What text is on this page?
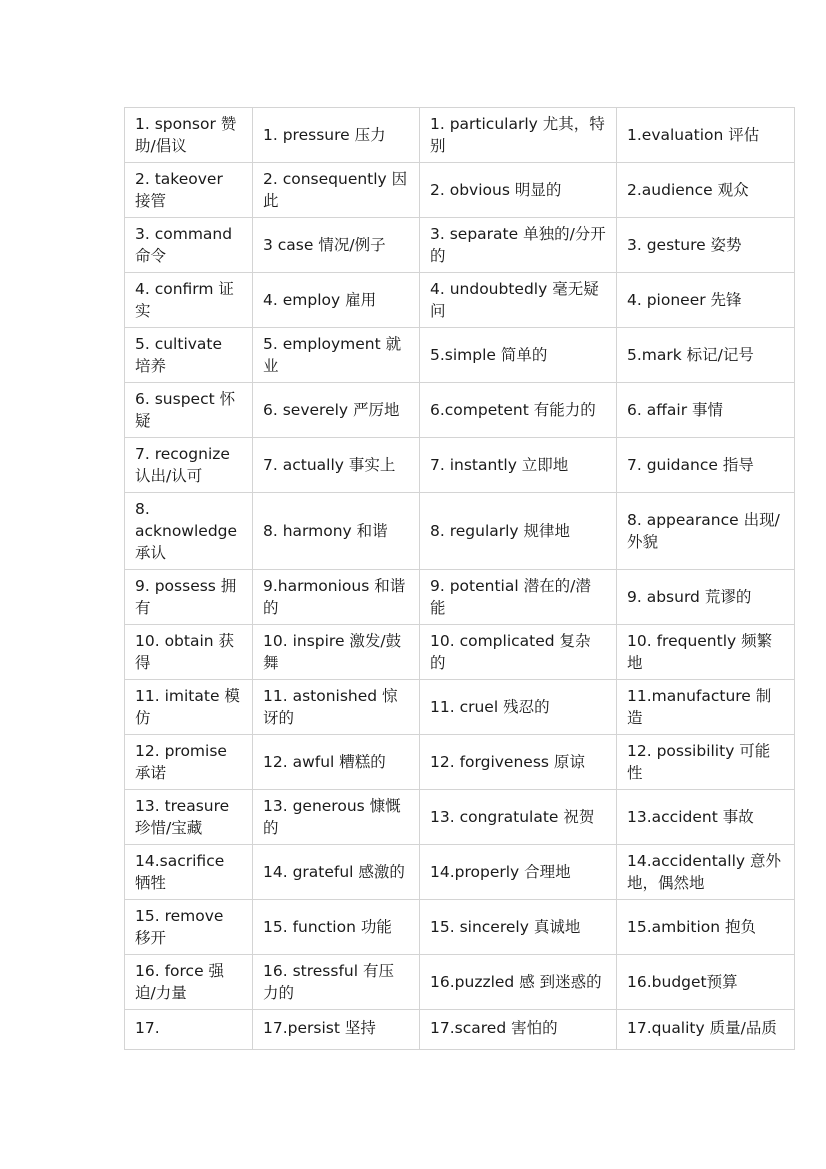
1. sponsor 赞助/倡议	1. pressure 压力	1. particularly 尤其，特别	1.evaluation 评估
2. takeover 接管	2. consequently 因此	2. obvious 明显的	2.audience 观众
3. command 命令	3 case 情况/例子	3. separate 单独的/分开的	3. gesture 姿势
4. confirm 证实	4. employ 雇用	4. undoubtedly 毫无疑问	4. pioneer 先锋
5. cultivate 培养	5. employment 就业	5.simple 简单的	5.mark 标记/记号
6. suspect 怀疑	6. severely 严厉地	6.competent 有能力的	6. affair 事情
7. recognize 认出/认可	7. actually 事实上	7. instantly 立即地	7. guidance 指导
8. acknowledge 承认	8. harmony 和谐	8. regularly 规律地	8. appearance 出现/外貌
9. possess 拥有	9.harmonious 和谐的	9. potential 潜在的/潜能	9. absurd 荒谬的
10. obtain 获得	10. inspire 激发/鼓舞	10. complicated 复杂的	10. frequently 频繁地
11. imitate 模仿	11. astonished 惊讶的	11. cruel 残忍的	11.manufacture 制造
12. promise 承诺	12. awful 糟糕的	12. forgiveness 原谅	12. possibility 可能性
13. treasure 珍惜/宝藏	13. generous 慷慨的	13. congratulate 祝贺	13.accident 事故
14.sacrifice 牺牲	14. grateful 感激的	14.properly 合理地	14.accidentally 意外地，偶然地
15. remove 移开	15. function 功能	15. sincerely 真诚地	15.ambition 抱负
16. force 强迫/力量	16. stressful 有压力的	16.puzzled 感 到迷惑的	16.budget预算
17.	17.persist 坚持	17.scared 害怕的	17.quality 质量/品质
